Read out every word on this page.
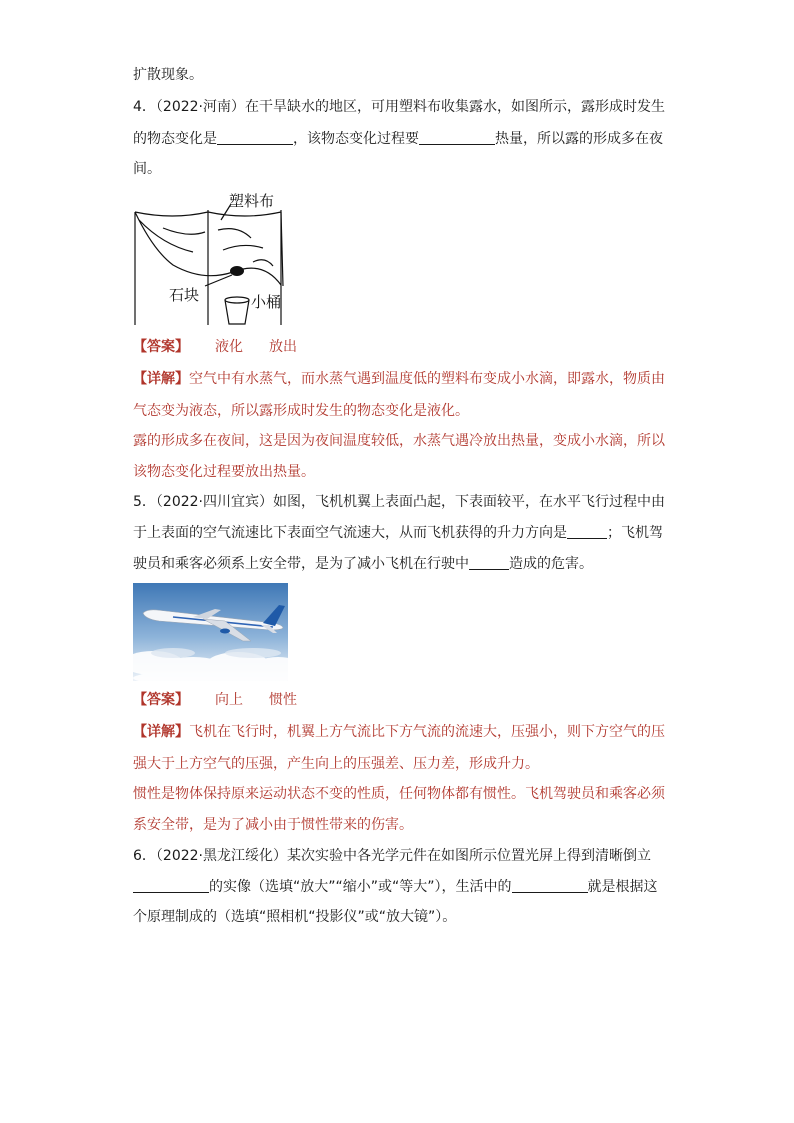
扩散现象。
4．（2022·河南）在干旱缺水的地区，可用塑料布收集露水，如图所示，露形成时发生
的物态变化是	，该物态变化过程要	热量，所以露的形成多在夜
间。
塑料布
石块	小桶
【答案】 液化 放出
【详解】空气中有水蒸气，而水蒸气遇到温度低的塑料布变成小水滴，即露水，物质由
气态变为液态，所以露形成时发生的物态变化是液化。
露的形成多在夜间，这是因为夜间温度较低，水蒸气遇冷放出热量，变成小水滴，所以
该物态变化过程要放出热量。
5．（2022·四川宜宾）如图，飞机机翼上表面凸起，下表面较平，在水平飞行过程中由
于上表面的空气流速比下表面空气流速大，从而飞机获得的升力方向是	；飞机驾
驶员和乘客必须系上安全带，是为了减小飞机在行驶中	造成的危害。
【答案】 向上 惯性
【详解】飞机在飞行时，机翼上方气流比下方气流的流速大，压强小，则下方空气的压
强大于上方空气的压强，产生向上的压强差、压力差，形成升力。
惯性是物体保持原来运动状态不变的性质，任何物体都有惯性。飞机驾驶员和乘客必须
系安全带，是为了减小由于惯性带来的伤害。
6．（2022·黑龙江绥化）某次实验中各光学元件在如图所示位置光屏上得到清晰倒立
的实像（选填“放大”“缩小”或“等大”），生活中的	就是根据这
个原理制成的（选填“照相机“投影仪”或“放大镜”）。
